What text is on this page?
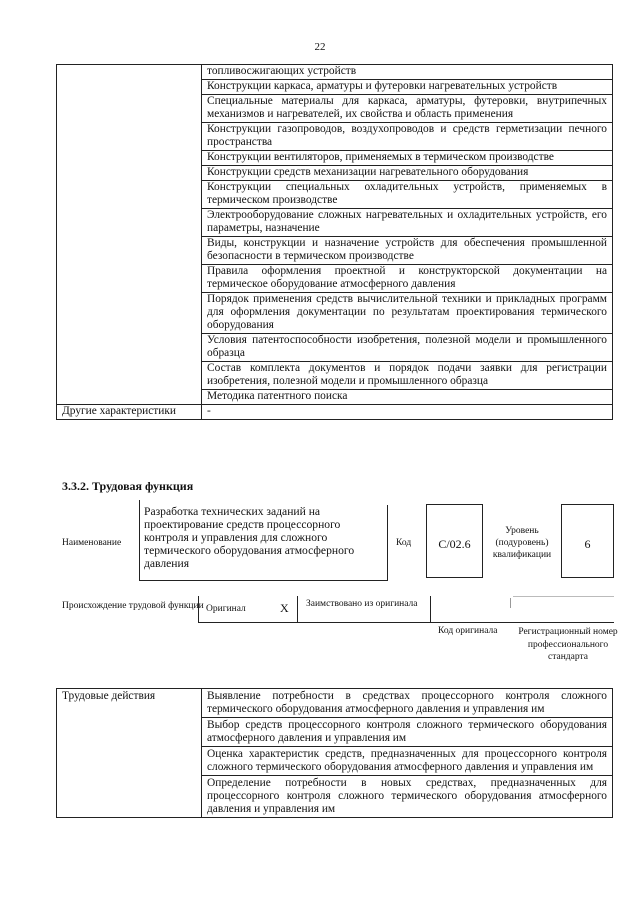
22
	топливосжигающих устройств
	Конструкции каркаса, арматуры и футеровки нагревательных устройств
	Специальные материалы для каркаса, арматуры, футеровки, внутрипечных механизмов и нагревателей, их свойства и область применения
	Конструкции газопроводов, воздухопроводов и средств герметизации печного пространства
	Конструкции вентиляторов, применяемых в термическом производстве
	Конструкции средств механизации нагревательного оборудования
	Конструкции специальных охладительных устройств, применяемых в термическом производстве
	Электрооборудование сложных нагревательных и охладительных устройств, его параметры, назначение
	Виды, конструкции и назначение устройств для обеспечения промышленной безопасности в термическом производстве
	Правила оформления проектной и конструкторской документации на термическое оборудование атмосферного давления
	Порядок применения средств вычислительной техники и прикладных программ для оформления документации по результатам проектирования термического оборудования
	Условия патентоспособности изобретения, полезной модели и промышленного образца
	Состав комплекта документов и порядок подачи заявки для регистрации изобретения, полезной модели и промышленного образца
	Методика патентного поиска
Другие характеристики	-
3.3.2. Трудовая функция
Наименование
Разработка технических заданий на проектирование средств процессорного контроля и управления для сложного термического оборудования атмосферного давления
Код	C/02.6
Уровень (подуровень) квалификации
6
Происхождение трудовой функции Оригинал	X Заимствовано из оригинала
Код оригинала	Регистрационный номер профессионального стандарта
Трудовые действия	Выявление потребности в средствах процессорного контроля сложного термического оборудования атмосферного давления и управления им
Выбор средств процессорного контроля сложного термического оборудования атмосферного давления и управления им
Оценка характеристик средств, предназначенных для процессорного контроля сложного термического оборудования атмосферного давления и управления им
Определение потребности в новых средствах, предназначенных для процессорного контроля сложного термического оборудования атмосферного давления и управления им
